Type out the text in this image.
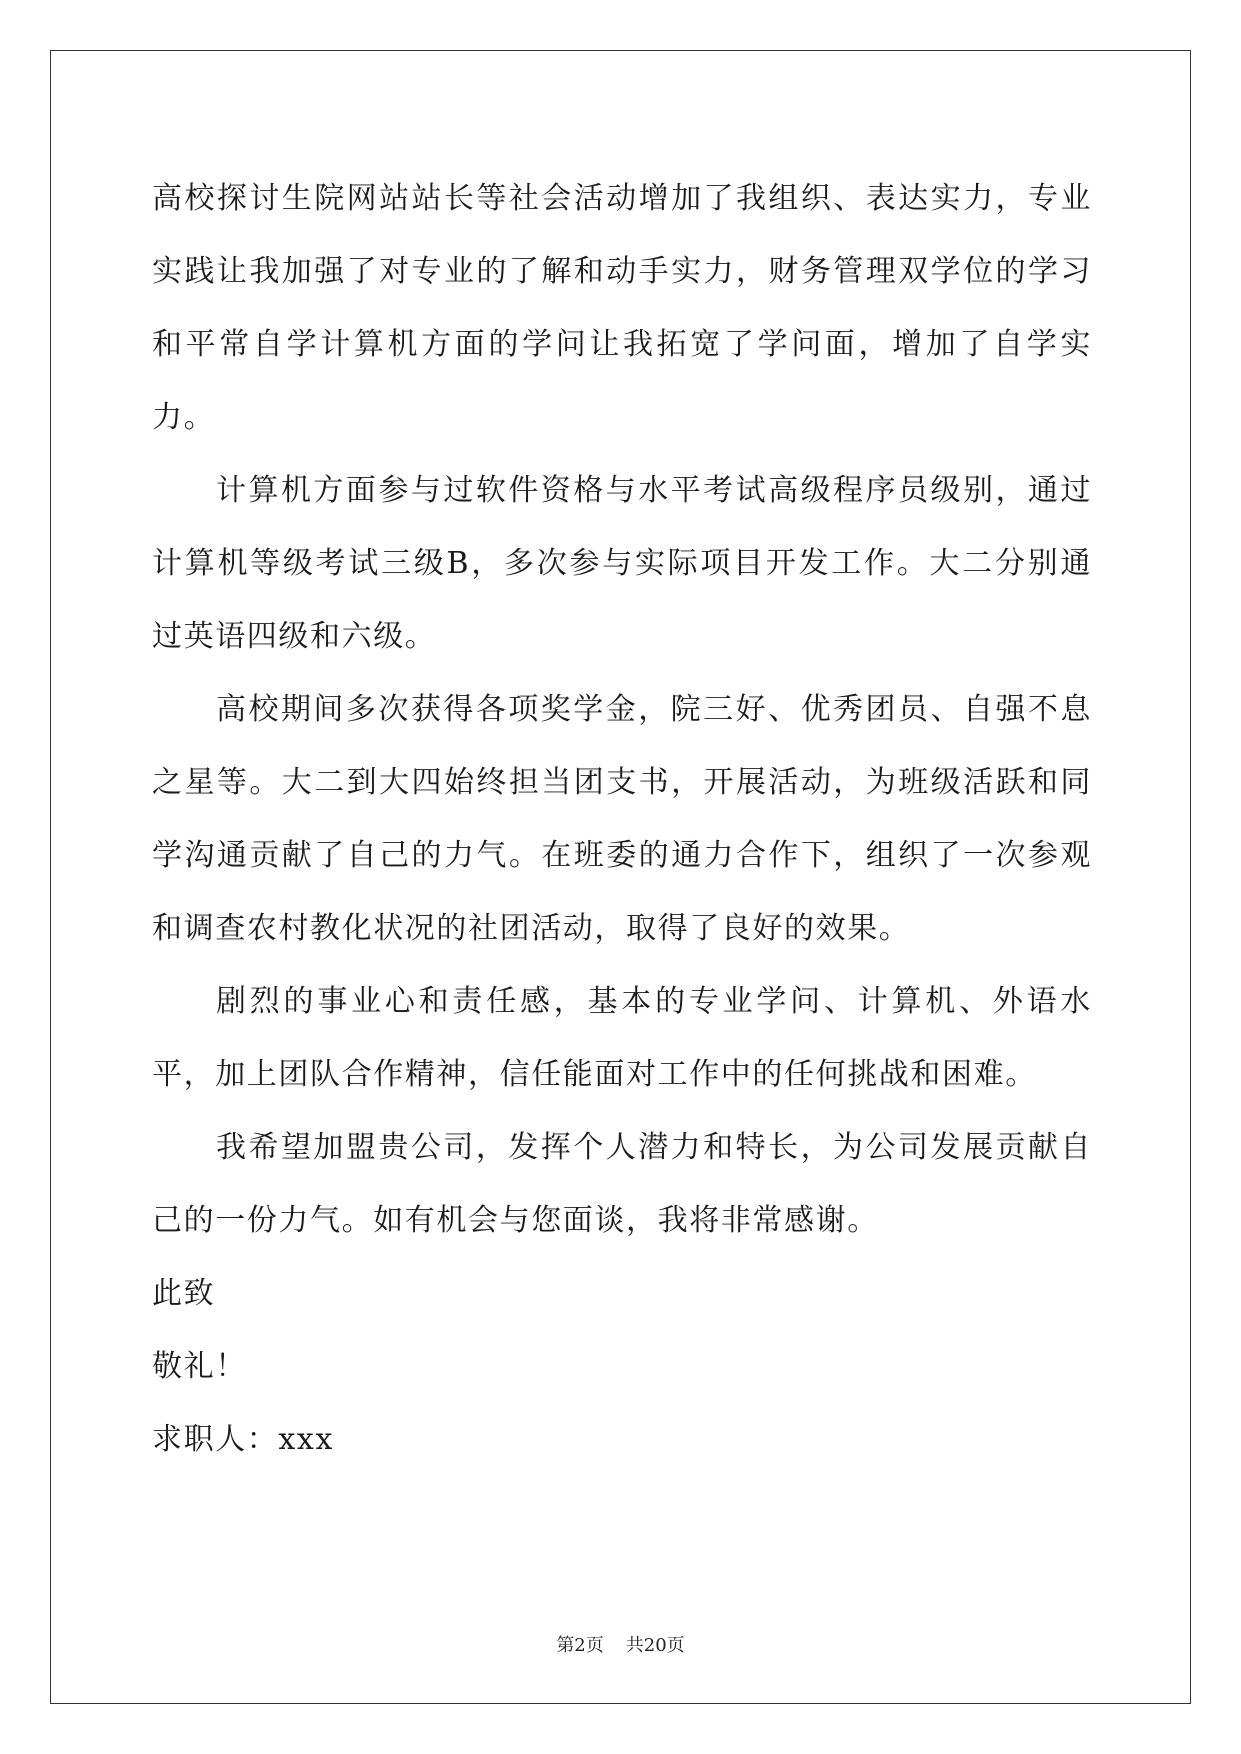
高校探讨生院网站站长等社会活动增加了我组织、表达实力，专业实践让我加强了对专业的了解和动手实力，财务管理双学位的学习和平常自学计算机方面的学问让我拓宽了学问面，增加了自学实力。

计算机方面参与过软件资格与水平考试高级程序员级别，通过计算机等级考试三级B，多次参与实际项目开发工作。大二分别通过英语四级和六级。

高校期间多次获得各项奖学金，院三好、优秀团员、自强不息之星等。大二到大四始终担当团支书，开展活动，为班级活跃和同学沟通贡献了自己的力气。在班委的通力合作下，组织了一次参观和调查农村教化状况的社团活动，取得了良好的效果。

剧烈的事业心和责任感，基本的专业学问、计算机、外语水平，加上团队合作精神，信任能面对工作中的任何挑战和困难。

我希望加盟贵公司，发挥个人潜力和特长，为公司发展贡献自己的一份力气。如有机会与您面谈，我将非常感谢。

此致

敬礼！

求职人：xxx

第2页 共20页
